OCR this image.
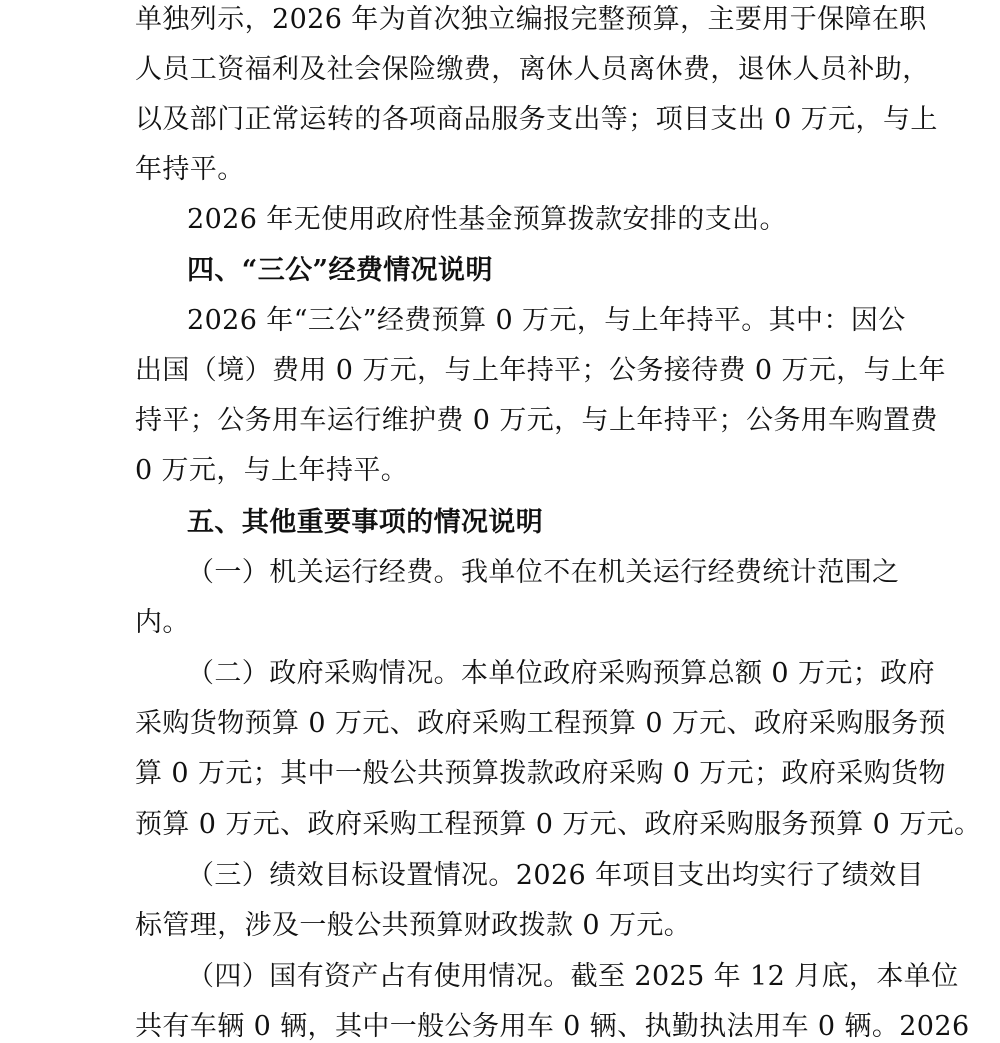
单独列示，2026 年为首次独立编报完整预算，主要用于保障在职
人员工资福利及社会保险缴费，离休人员离休费，退休人员补助，
以及部门正常运转的各项商品服务支出等；项目支出 0 万元，与上
年持平。
2026 年无使用政府性基金预算拨款安排的支出。
四、“三公”经费情况说明
2026 年“三公”经费预算 0 万元，与上年持平。其中：因公
出国（境）费用 0 万元，与上年持平；公务接待费 0 万元，与上年
持平；公务用车运行维护费 0 万元，与上年持平；公务用车购置费
0 万元，与上年持平。
五、其他重要事项的情况说明
（一）机关运行经费。我单位不在机关运行经费统计范围之
内。
（二）政府采购情况。本单位政府采购预算总额 0 万元；政府
采购货物预算 0 万元、政府采购工程预算 0 万元、政府采购服务预
算 0 万元；其中一般公共预算拨款政府采购 0 万元；政府采购货物
预算 0 万元、政府采购工程预算 0 万元、政府采购服务预算 0 万元。
（三）绩效目标设置情况。2026 年项目支出均实行了绩效目
标管理，涉及一般公共预算财政拨款 0 万元。
（四）国有资产占有使用情况。截至 2025 年 12 月底，本单位
共有车辆 0 辆，其中一般公务用车 0 辆、执勤执法用车 0 辆。2026
